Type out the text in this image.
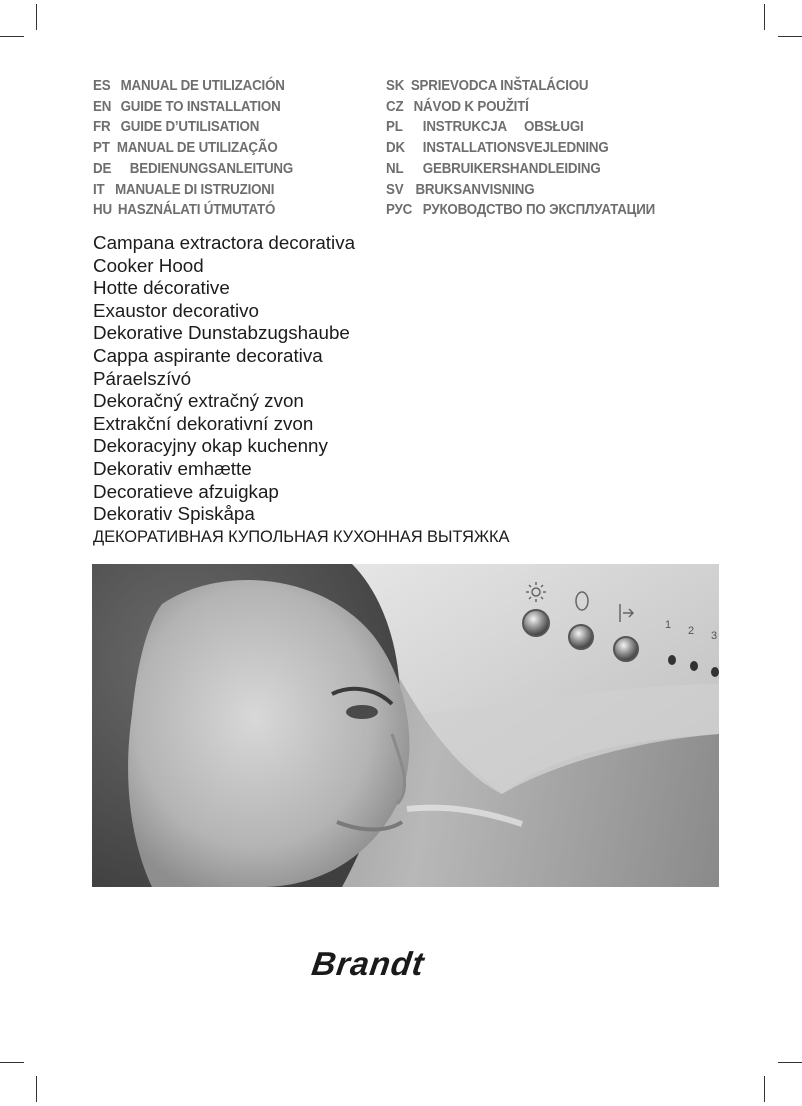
ES MANUAL DE UTILIZACIÓN
EN GUIDE TO INSTALLATION
FR GUIDE D’UTILISATION
PT MANUAL DE UTILIZAÇÃO
DE BEDIENUNGSANLEITUNG
IT MANUALE DI ISTRUZIONI
HU HASZNÁLATI ÚTMUTATÓ
SK SPRIEVODCA INŠTALÁCIOU
CZ NÁVOD K POUŽITÍ
PL INSTRUKCJA     OBSŁUGI
DK INSTALLATIONSVEJLEDNING
NL GEBRUIKERSHANDLEIDING
SV BRUKSANVISNING
РУС РУКОВОДСТВО ПО ЭКСПЛУАТАЦИИ
Campana extractora decorativa
Cooker Hood
Hotte décorative
Exaustor decorativo
Dekorative Dunstabzugshaube
Cappa aspirante decorativa
Páraelszívó
Dekoračný extračný zvon
Extrakční dekorativní zvon
Dekoracyjny okap kuchenny
Dekorativ emhætte
Decoratieve afzuigkap
Dekorativ Spiskåpa
ДЕКОРАТИВНАЯ КУПОЛЬНАЯ КУХОННАЯ ВЫТЯЖКА
1 2 3
Brandt
